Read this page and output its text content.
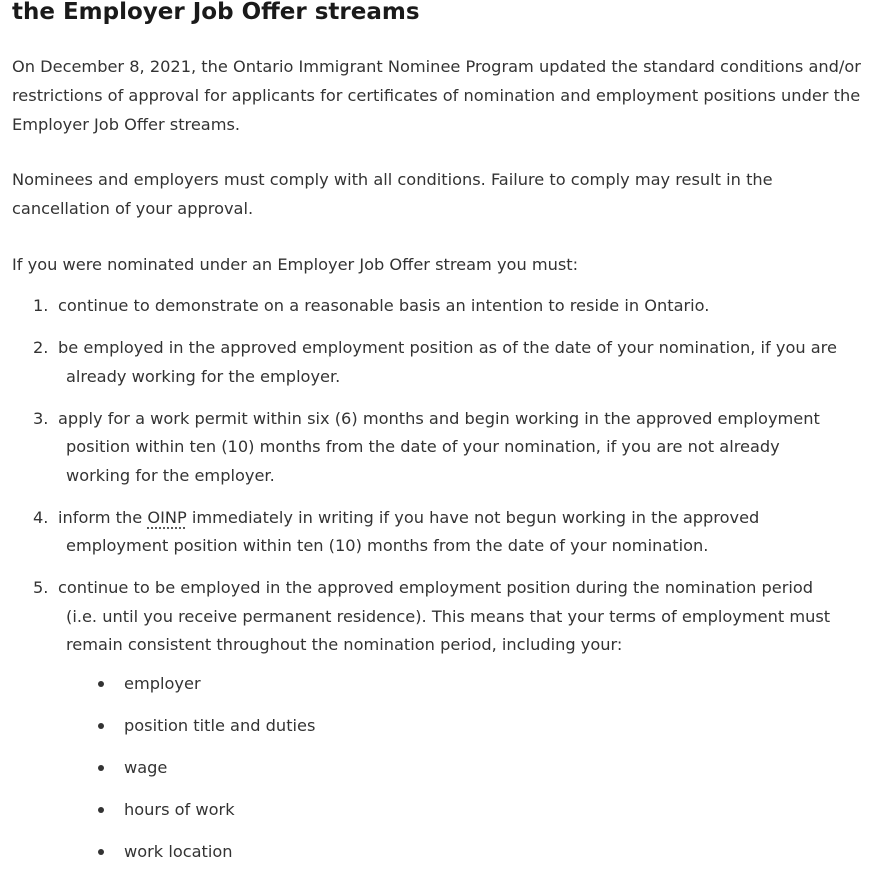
the Employer Job Offer streams

On December 8, 2021, the Ontario Immigrant Nominee Program updated the standard conditions and/or restrictions of approval for applicants for certificates of nomination and employment positions under the Employer Job Offer streams.

Nominees and employers must comply with all conditions. Failure to comply may result in the cancellation of your approval.

If you were nominated under an Employer Job Offer stream you must:

1. continue to demonstrate on a reasonable basis an intention to reside in Ontario.
2. be employed in the approved employment position as of the date of your nomination, if you are already working for the employer.
3. apply for a work permit within six (6) months and begin working in the approved employment position within ten (10) months from the date of your nomination, if you are not already working for the employer.
4. inform the OINP immediately in writing if you have not begun working in the approved employment position within ten (10) months from the date of your nomination.
5. continue to be employed in the approved employment position during the nomination period (i.e. until you receive permanent residence). This means that your terms of employment must remain consistent throughout the nomination period, including your:
employer
position title and duties
wage
hours of work
work location
